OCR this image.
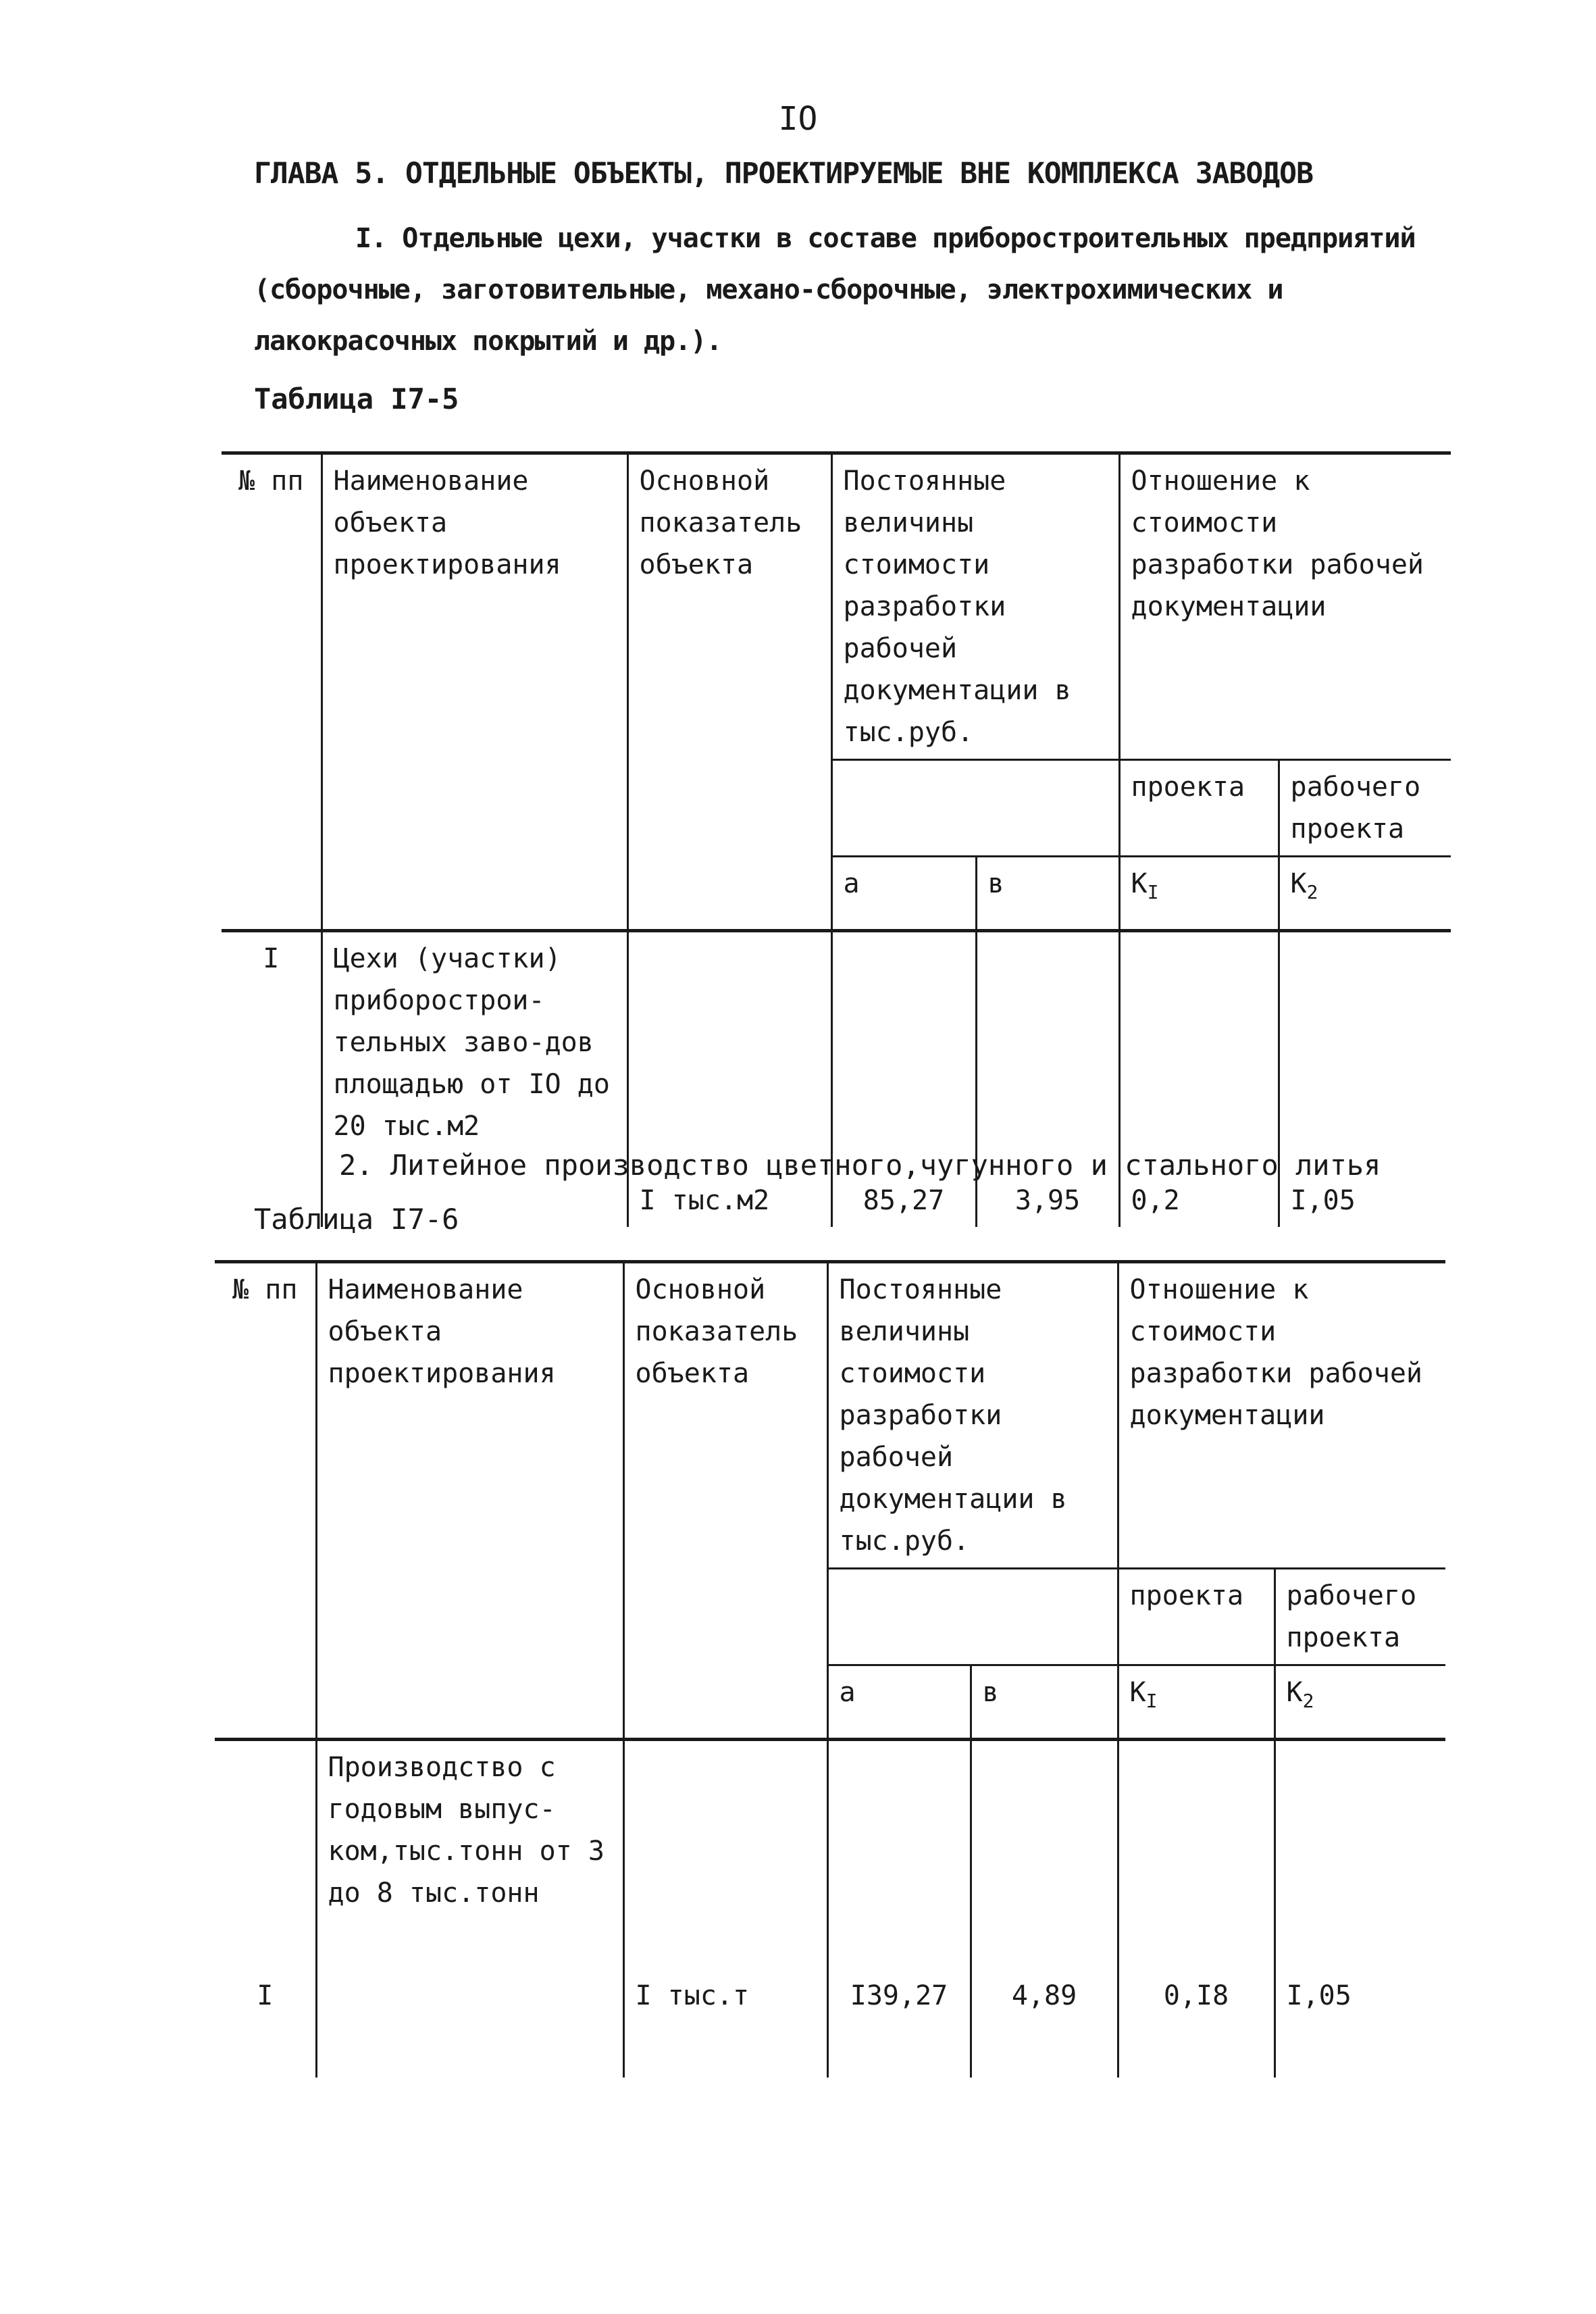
IO
ГЛАВА 5. ОТДЕЛЬНЫЕ ОБЪЕКТЫ, ПРОЕКТИРУЕМЫЕ ВНЕ КОМПЛЕКСА ЗАВОДОВ
I. Отдельные цехи, участки в составе приборостроительных предприятий (сборочные, заготовительные, механо-сборочные, электрохимических и лакокрасочных покрытий и др.).
Таблица I7-5
№ пп	Наименование объекта проектирования	Основной показатель объекта	Постоянные величины стоимости разработки рабочей документации в тыс.руб.		Отношение к стоимости разработки рабочей документации	
					проекта	рабочего проекта
			а	в	$K_I$	$K_2$
I	Цехи (участки) приборострои-тельных заво-дов площадью от IO до 20 тыс.м2	I тыс.м2	85,27	3,95	0,2	I,05
2. Литейное производство цветного,чугунного и стального литья
Таблица I7-6
№ пп	Наименование объекта проектирования	Основной показатель объекта	Постоянные величины стоимости разработки рабочей документации в тыс.руб.		Отношение к стоимости разработки рабочей документации	
					проекта	рабочего проекта
			а	в	$K_I$	$K_2$
I	Производство с годовым выпус-ком,тыс.тонн от 3 до 8 тыс.тонн	I тыс.т	I39,27	4,89	0,I8	I,05
